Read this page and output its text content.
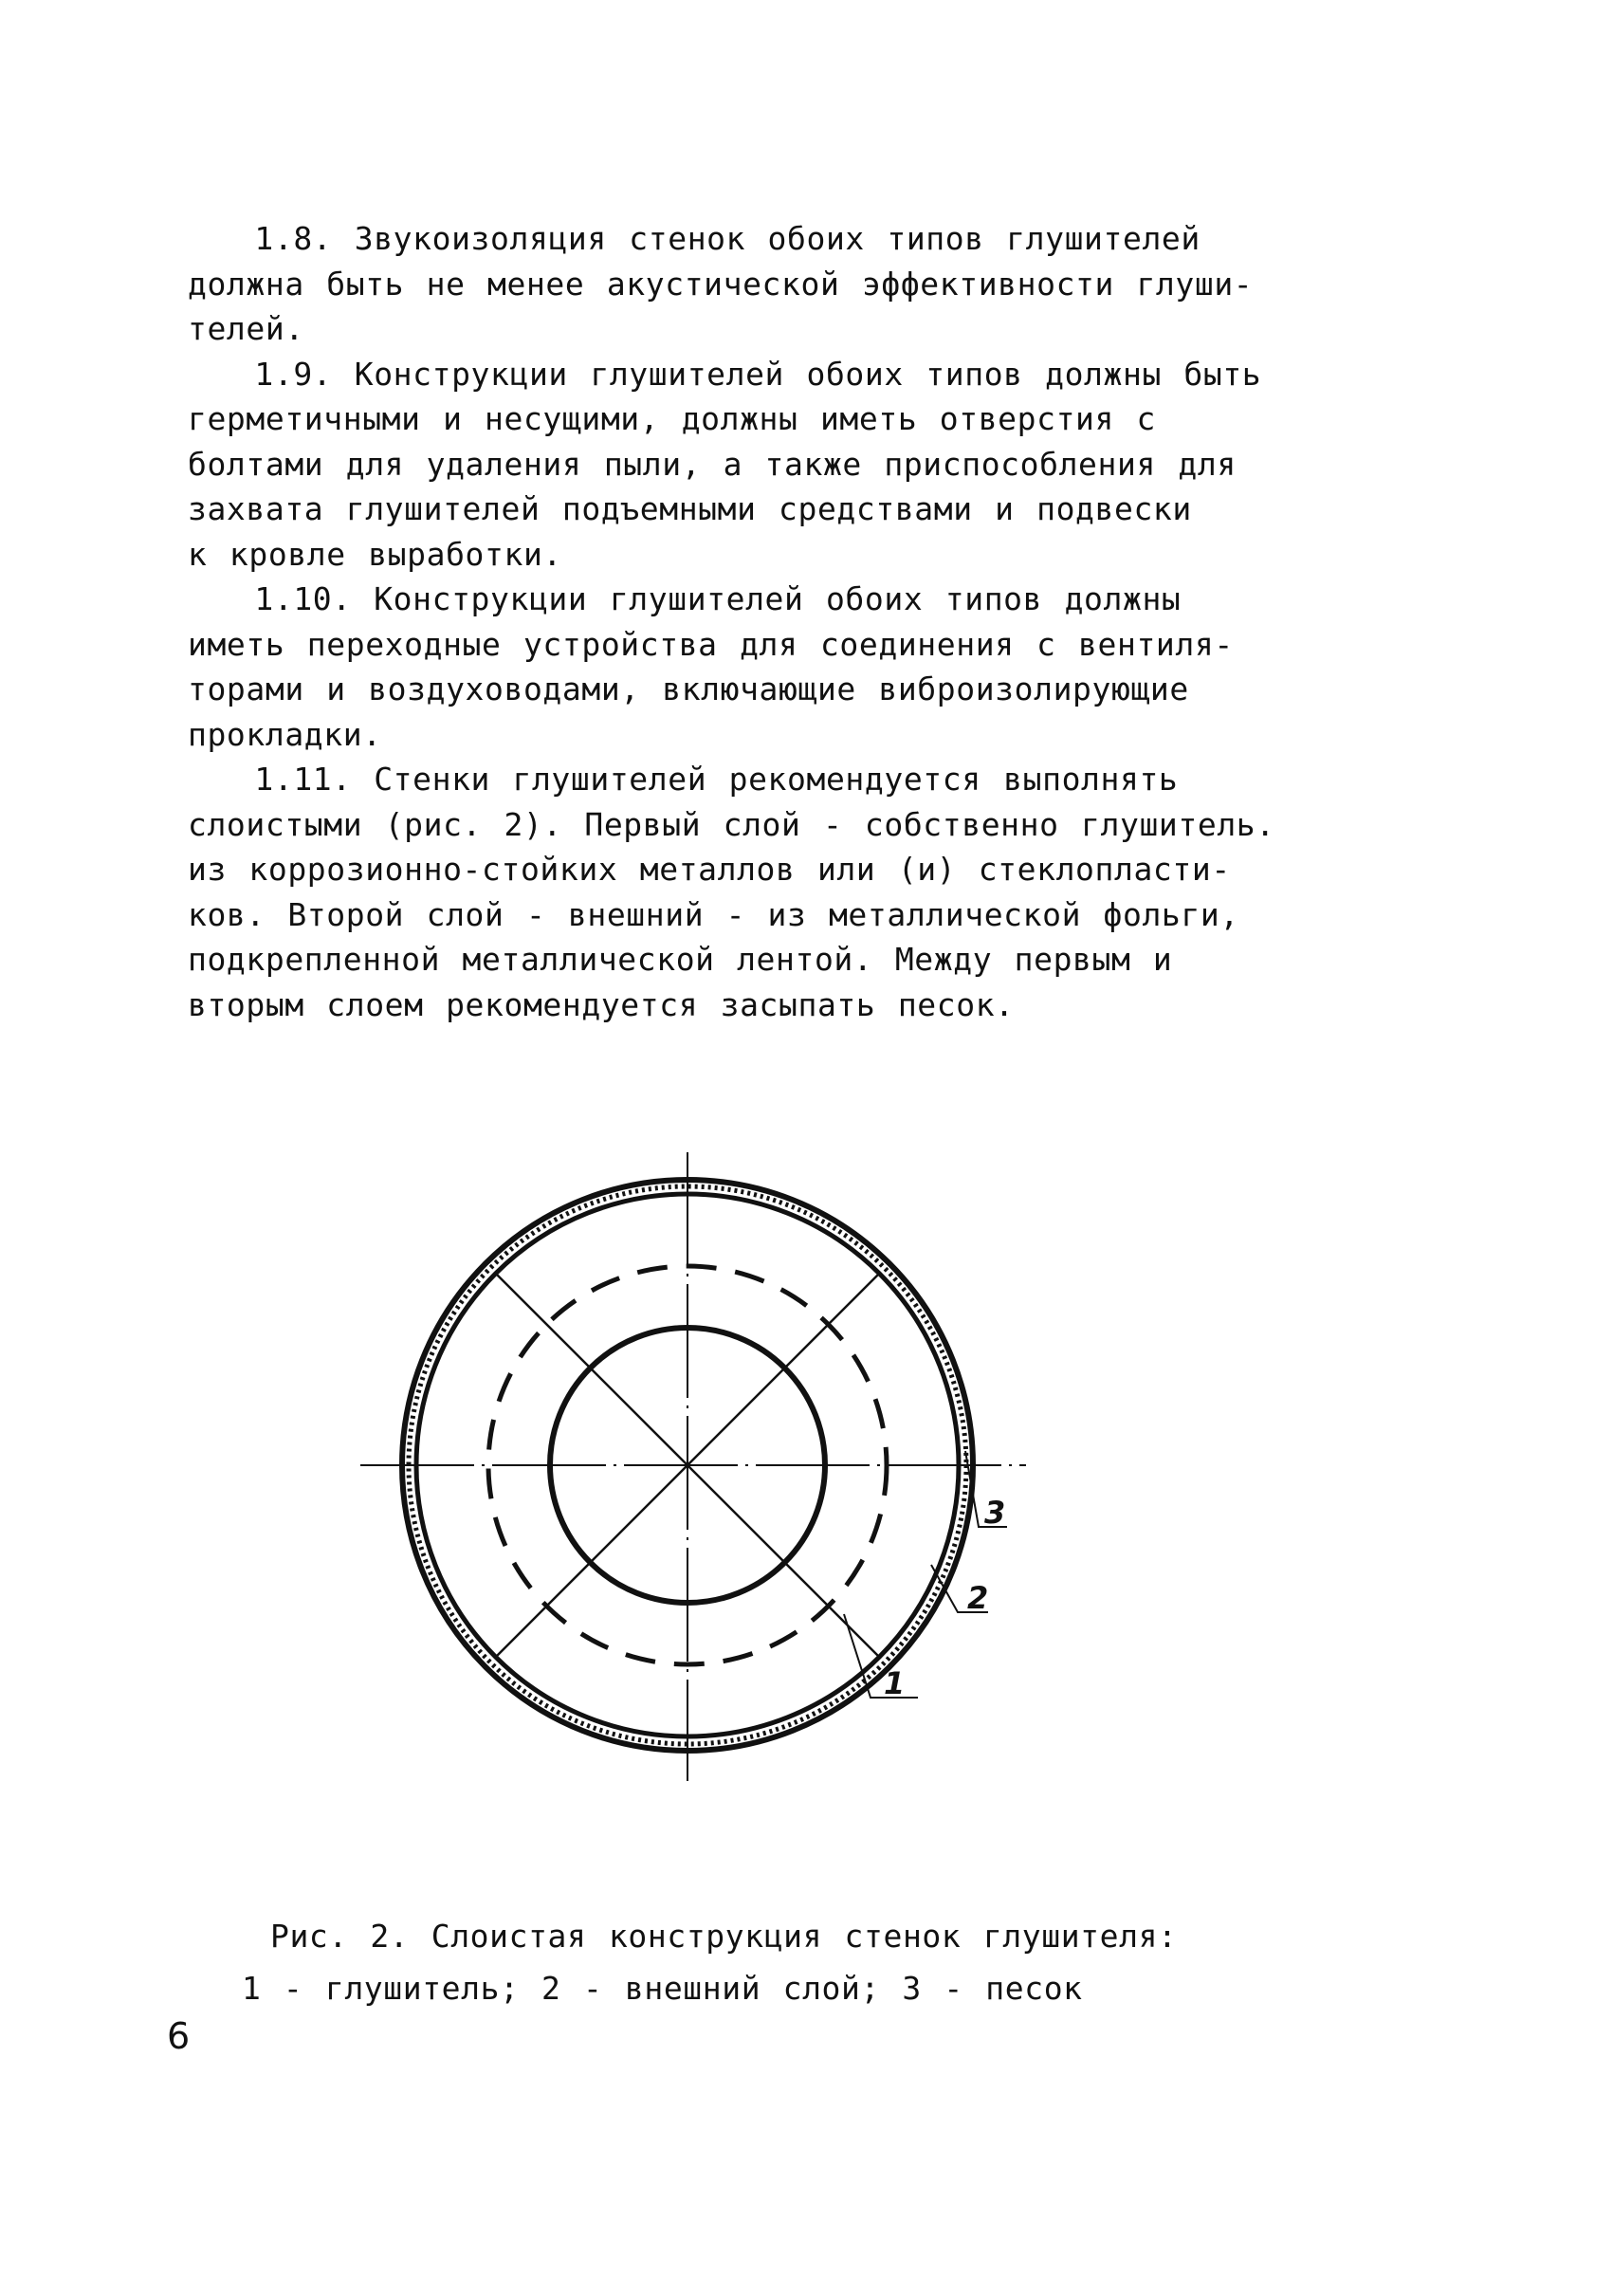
1.8. Звукоизоляция стенок обоих типов глушителей
должна быть не менее акустической эффективности глуши-
телей.

1.9. Конструкции глушителей обоих типов должны быть
герметичными и несущими, должны иметь отверстия с
болтами для удаления пыли, а также приспособления для
захвата глушителей подъемными средствами и подвески
к кровле выработки.

1.10. Конструкции глушителей обоих типов должны
иметь переходные устройства для соединения с вентиля-
торами и воздуховодами, включающие виброизолирующие
прокладки.

1.11. Стенки глушителей рекомендуется выполнять
слоистыми (рис. 2). Первый слой - собственно глушитель.
из коррозионно-стойких металлов или (и) стеклопласти-
ков. Второй слой - внешний - из металлической фольги,
подкрепленной металлической лентой. Между первым и
вторым слоем рекомендуется засыпать песок.

3
2
1
Рис. 2. Слоистая конструкция стенок глушителя:
1 - глушитель; 2 - внешний слой; 3 - песок
6
